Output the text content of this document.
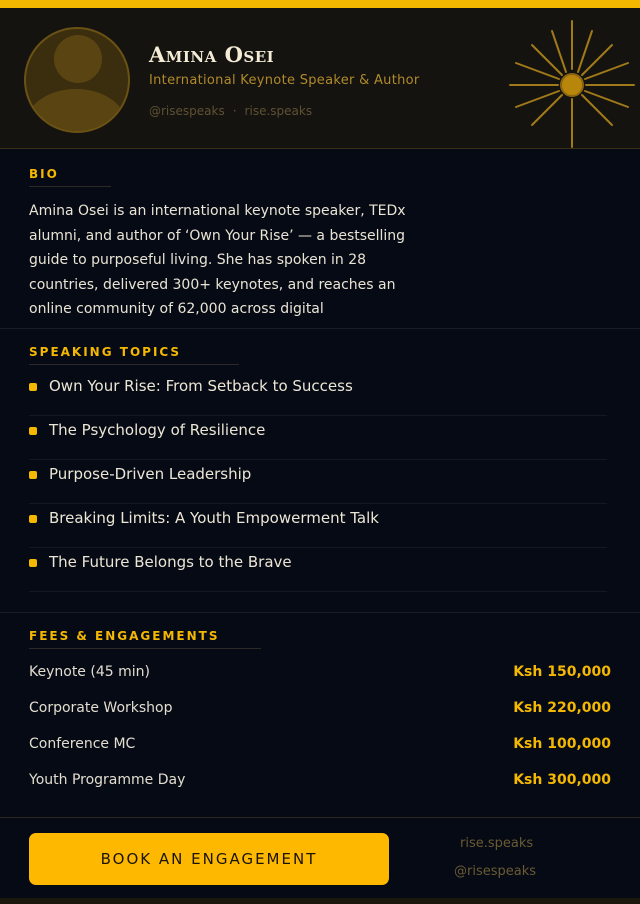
Amina Osei
International Keynote Speaker & Author
@risespeaks · rise.speaks
BIO
Amina Osei is an international keynote speaker, TEDx alumni, and author of ‘Own Your Rise’ — a bestselling guide to purposeful living. She has spoken in 28 countries, delivered 300+ keynotes, and reaches an online community of 62,000 across digital
SPEAKING TOPICS
Own Your Rise: From Setback to Success
The Psychology of Resilience
Purpose-Driven Leadership
Breaking Limits: A Youth Empowerment Talk
The Future Belongs to the Brave
FEES & ENGAGEMENTS
Keynote (45 min)	Ksh 150,000
Corporate Workshop	Ksh 220,000
Conference MC	Ksh 100,000
Youth Programme Day	Ksh 300,000
BOOK AN ENGAGEMENT
rise.speaks
@risespeaks
